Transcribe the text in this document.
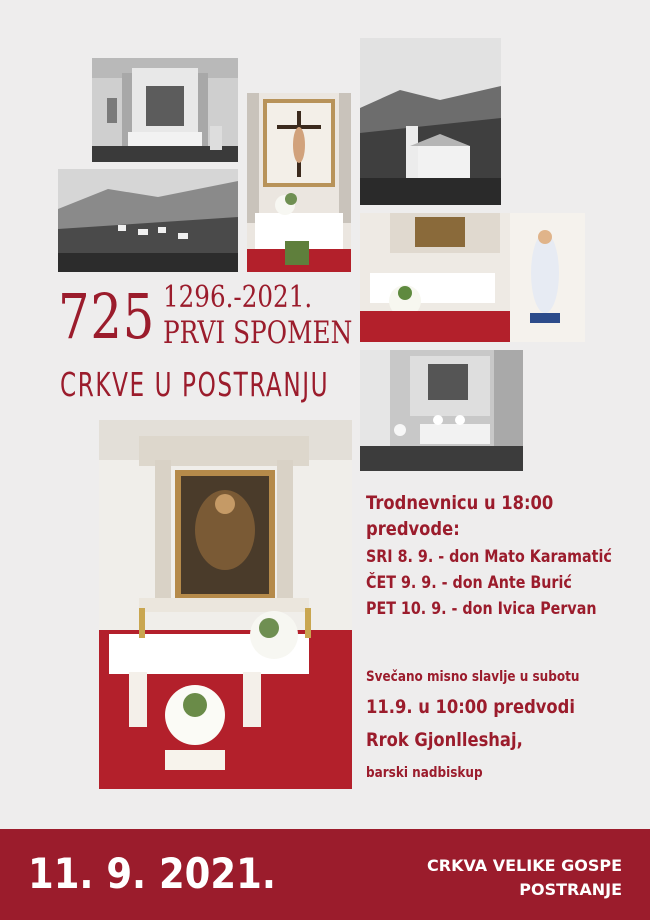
725 1296.-2021.
PRVI SPOMEN
CRKVE U POSTRANJU
Trodnevnicu u 18:00
predvode:
SRI 8. 9. - don Mato Karamatić
ČET 9. 9. - don Ante Burić
PET 10. 9. - don Ivica Pervan
Svečano misno slavlje u subotu
11.9. u 10:00 predvodi
Rrok Gjonlleshaj,
barski nadbiskup
11. 9. 2021.	CRKVA VELIKE GOSPE
POSTRANJE
